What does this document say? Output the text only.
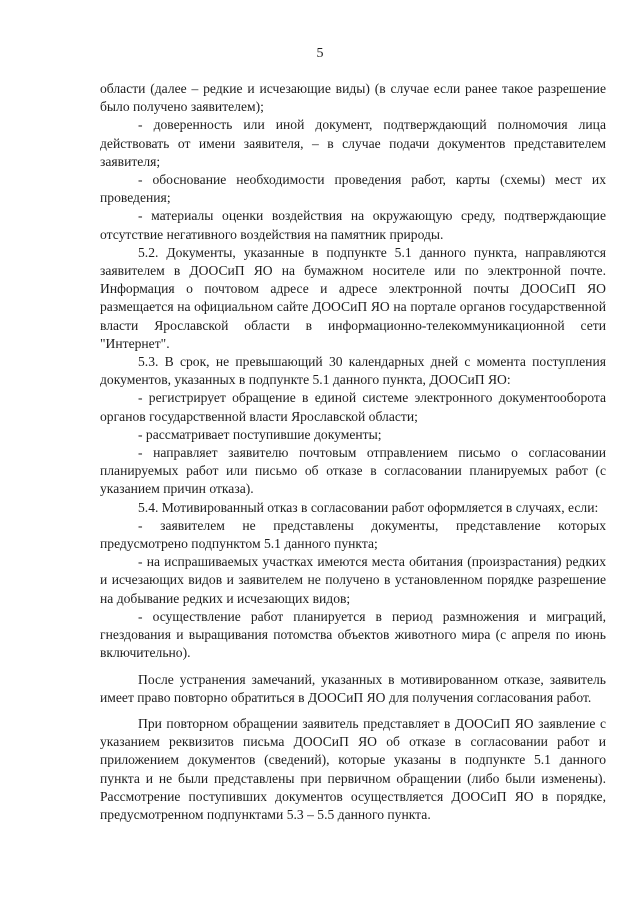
5

области (далее – редкие и исчезающие виды) (в случае если ранее такое разрешение было получено заявителем);

- доверенность или иной документ, подтверждающий полномочия лица действовать от имени заявителя, – в случае подачи документов представителем заявителя;

- обоснование необходимости проведения работ, карты (схемы) мест их проведения;

- материалы оценки воздействия на окружающую среду, подтверждающие отсутствие негативного воздействия на памятник природы.

5.2. Документы, указанные в подпункте 5.1 данного пункта, направляются заявителем в ДООСиП ЯО на бумажном носителе или по электронной почте. Информация о почтовом адресе и адресе электронной почты ДООСиП ЯО размещается на официальном сайте ДООСиП ЯО на портале органов государственной власти Ярославской области в информационно-телекоммуникационной сети "Интернет".

5.3. В срок, не превышающий 30 календарных дней с момента поступления документов, указанных в подпункте 5.1 данного пункта, ДООСиП ЯО:

- регистрирует обращение в единой системе электронного документооборота органов государственной власти Ярославской области;

- рассматривает поступившие документы;

- направляет заявителю почтовым отправлением письмо о согласовании планируемых работ или письмо об отказе в согласовании планируемых работ (с указанием причин отказа).

5.4. Мотивированный отказ в согласовании работ оформляется в случаях, если:

- заявителем не представлены документы, представление которых предусмотрено подпунктом 5.1 данного пункта;

- на испрашиваемых участках имеются места обитания (произрастания) редких и исчезающих видов и заявителем не получено в установленном порядке разрешение на добывание редких и исчезающих видов;

- осуществление работ планируется в период размножения и миграций, гнездования и выращивания потомства объектов животного мира (с апреля по июнь включительно).

После устранения замечаний, указанных в мотивированном отказе, заявитель имеет право повторно обратиться в ДООСиП ЯО для получения согласования работ.

При повторном обращении заявитель представляет в ДООСиП ЯО заявление с указанием реквизитов письма ДООСиП ЯО об отказе в согласовании работ и приложением документов (сведений), которые указаны в подпункте 5.1 данного пункта и не были представлены при первичном обращении (либо были изменены). Рассмотрение поступивших документов осуществляется ДООСиП ЯО в порядке, предусмотренном подпунктами 5.3 – 5.5 данного пункта.
